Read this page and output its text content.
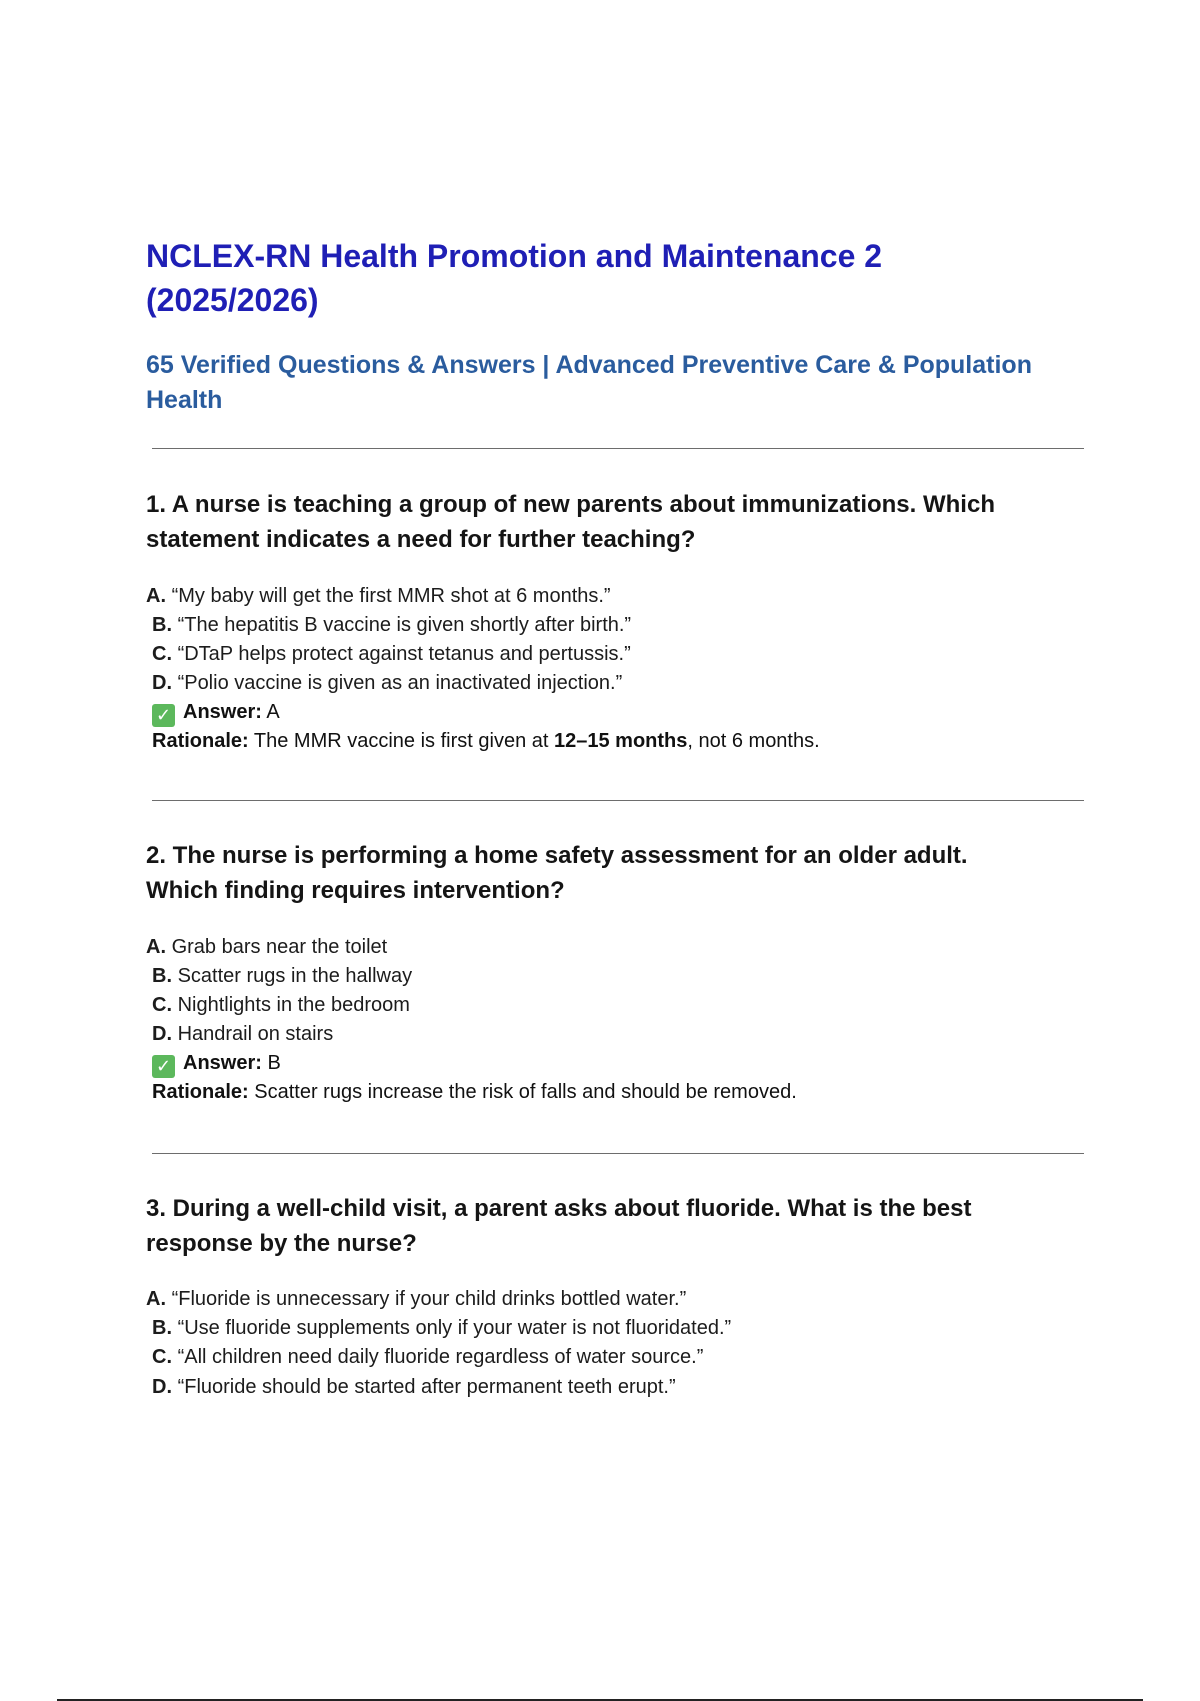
NCLEX-RN Health Promotion and Maintenance 2
(2025/2026)
65 Verified Questions & Answers | Advanced Preventive Care & Population
Health
1. A nurse is teaching a group of new parents about immunizations. Which
statement indicates a need for further teaching?
A. “My baby will get the first MMR shot at 6 months.”
B. “The hepatitis B vaccine is given shortly after birth.”
C. “DTaP helps protect against tetanus and pertussis.”
D. “Polio vaccine is given as an inactivated injection.”
✓ Answer: A
Rationale: The MMR vaccine is first given at 12–15 months, not 6 months.
2. The nurse is performing a home safety assessment for an older adult.
Which finding requires intervention?
A. Grab bars near the toilet
B. Scatter rugs in the hallway
C. Nightlights in the bedroom
D. Handrail on stairs
✓ Answer: B
Rationale: Scatter rugs increase the risk of falls and should be removed.
3. During a well-child visit, a parent asks about fluoride. What is the best
response by the nurse?
A. “Fluoride is unnecessary if your child drinks bottled water.”
B. “Use fluoride supplements only if your water is not fluoridated.”
C. “All children need daily fluoride regardless of water source.”
D. “Fluoride should be started after permanent teeth erupt.”
